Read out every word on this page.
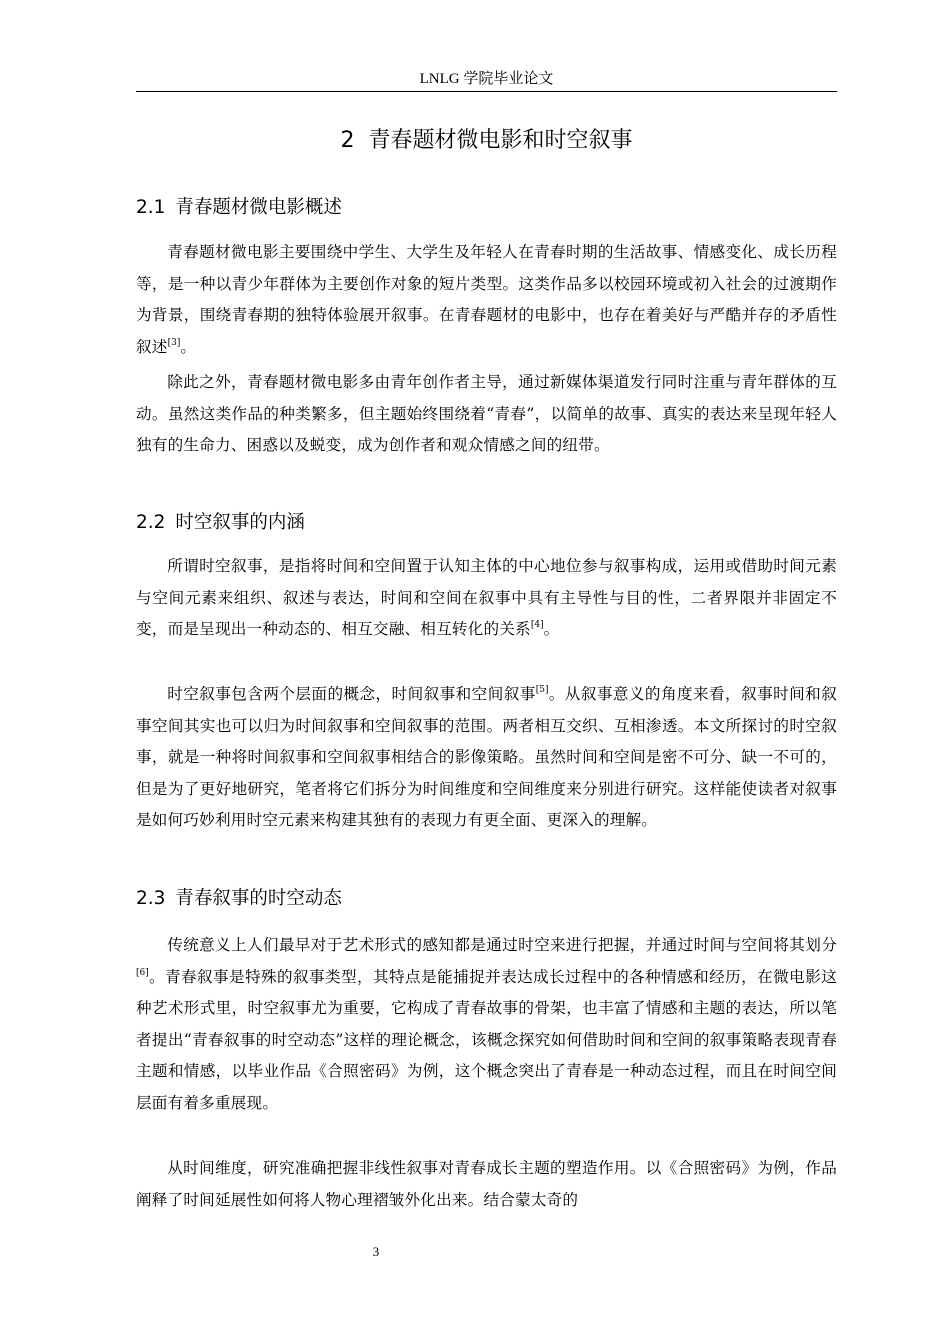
LNLG 学院毕业论文
2 青春题材微电影和时空叙事
2.1 青春题材微电影概述

青春题材微电影主要围绕中学生、大学生及年轻人在青春时期的生活故事、情感变化、成长历程等，是一种以青少年群体为主要创作对象的短片类型。这类作品多以校园环境或初入社会的过渡期作为背景，围绕青春期的独特体验展开叙事。在青春题材的电影中，也存在着美好与严酷并存的矛盾性叙述[3]。

除此之外，青春题材微电影多由青年创作者主导，通过新媒体渠道发行同时注重与青年群体的互动。虽然这类作品的种类繁多，但主题始终围绕着“青春”，以简单的故事、真实的表达来呈现年轻人独有的生命力、困惑以及蜕变，成为创作者和观众情感之间的纽带。

2.2 时空叙事的内涵

所谓时空叙事，是指将时间和空间置于认知主体的中心地位参与叙事构成，运用或借助时间元素与空间元素来组织、叙述与表达，时间和空间在叙事中具有主导性与目的性，二者界限并非固定不变，而是呈现出一种动态的、相互交融、相互转化的关系[4]。

时空叙事包含两个层面的概念，时间叙事和空间叙事[5]。从叙事意义的角度来看，叙事时间和叙事空间其实也可以归为时间叙事和空间叙事的范围。两者相互交织、互相渗透。本文所探讨的时空叙事，就是一种将时间叙事和空间叙事相结合的影像策略。虽然时间和空间是密不可分、缺一不可的，但是为了更好地研究，笔者将它们拆分为时间维度和空间维度来分别进行研究。这样能使读者对叙事是如何巧妙利用时空元素来构建其独有的表现力有更全面、更深入的理解。

2.3 青春叙事的时空动态

传统意义上人们最早对于艺术形式的感知都是通过时空来进行把握，并通过时间与空间将其划分[6]。青春叙事是特殊的叙事类型，其特点是能捕捉并表达成长过程中的各种情感和经历，在微电影这种艺术形式里，时空叙事尤为重要，它构成了青春故事的骨架，也丰富了情感和主题的表达，所以笔者提出“青春叙事的时空动态”这样的理论概念，该概念探究如何借助时间和空间的叙事策略表现青春主题和情感，以毕业作品《合照密码》为例，这个概念突出了青春是一种动态过程，而且在时间空间层面有着多重展现。

从时间维度，研究准确把握非线性叙事对青春成长主题的塑造作用。以《合照密码》为例，作品阐释了时间延展性如何将人物心理褶皱外化出来。结合蒙太奇的

3
